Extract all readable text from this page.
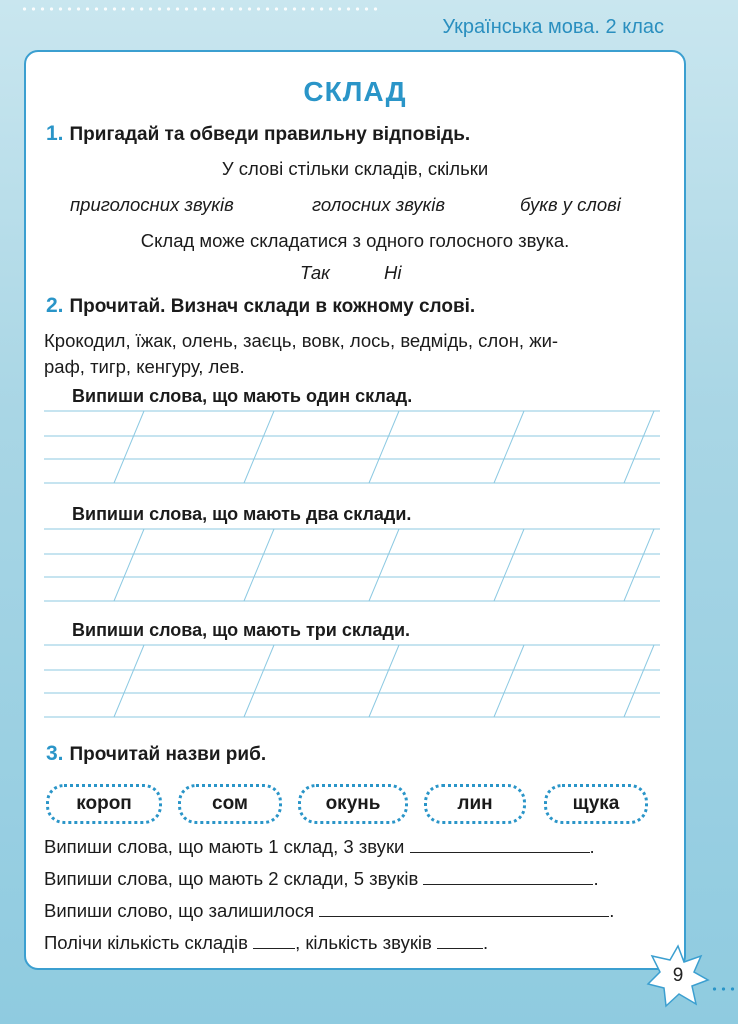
Українська мова. 2 клас
СКЛАД
1. Пригадай та обведи правильну відповідь.
У слові стільки складів, скільки
приголосних звуків	голосних звуків	букв у слові
Склад може складатися з одного голосного звука.
Так	Ні
2. Прочитай. Визнач склади в кожному слові.
Крокодил, їжак, олень, заєць, вовк, лось, ведмідь, слон, жи-
раф, тигр, кенгуру, лев.
Випиши слова, що мають один склад.
Випиши слова, що мають два склади.
Випиши слова, що мають три склади.
3. Прочитай назви риб.
короп	сом	окунь	лин	щука
Випиши слова, що мають 1 склад, 3 звуки	.
Випиши слова, що мають 2 склади, 5 звуків	.
Випиши слово, що залишилося	.
Полічи кількість складів	, кількість звуків	.
9
